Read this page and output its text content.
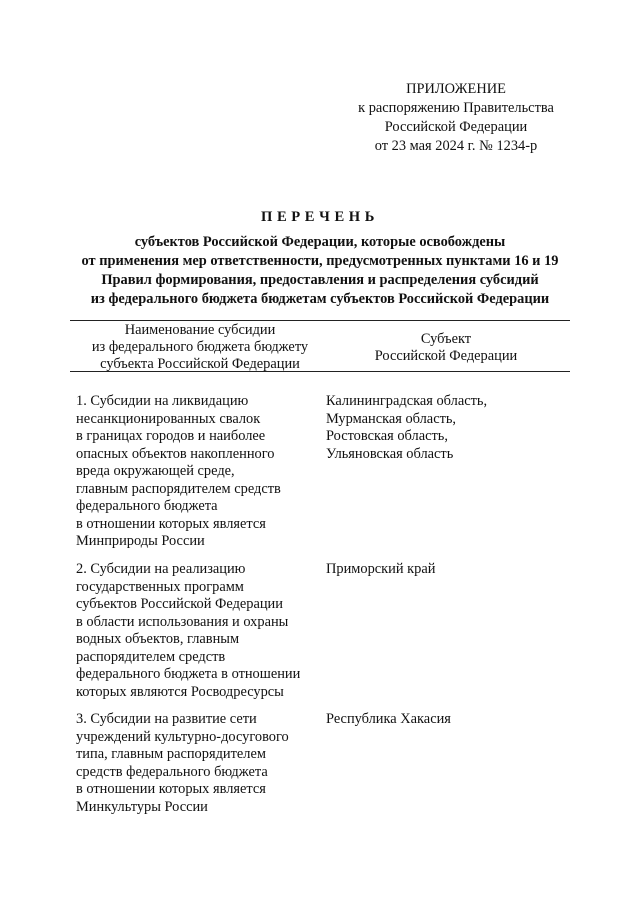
ПРИЛОЖЕНИЕ
к распоряжению Правительства
Российской Федерации
от 23 мая 2024 г. № 1234-р
ПЕРЕЧЕНЬ
субъектов Российской Федерации, которые освобождены
от применения мер ответственности, предусмотренных пунктами 16 и 19
Правил формирования, предоставления и распределения субсидий
из федерального бюджета бюджетам субъектов Российской Федерации
Наименование субсидии
из федерального бюджета бюджету
субъекта Российской Федерации
Субъект
Российской Федерации
1. Субсидии на ликвидацию
несанкционированных свалок
в границах городов и наиболее
опасных объектов накопленного
вреда окружающей среде,
главным распорядителем средств
федерального бюджета
в отношении которых является
Минприроды России
Калининградская область,
Мурманская область,
Ростовская область,
Ульяновская область
2. Субсидии на реализацию
государственных программ
субъектов Российской Федерации
в области использования и охраны
водных объектов, главным
распорядителем средств
федерального бюджета в отношении
которых являются Росводресурсы
Приморский край
3. Субсидии на развитие сети
учреждений культурно-досугового
типа, главным распорядителем
средств федерального бюджета
в отношении которых является
Минкультуры России
Республика Хакасия
